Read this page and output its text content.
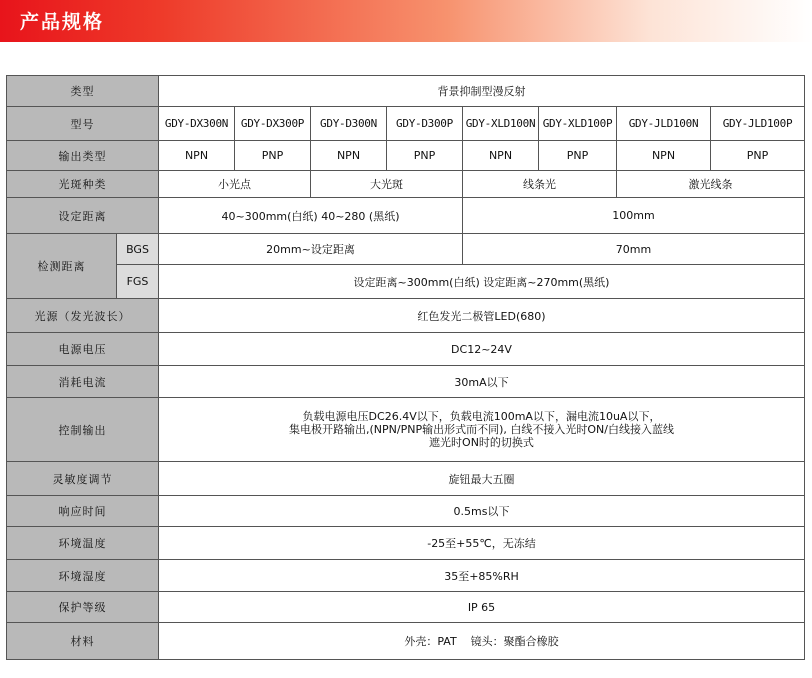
产品规格
类型		背景抑制型漫反射							
型号		GDY-DX300N	GDY-DX300P	GDY-D300N	GDY-D300P	GDY-XLD100N	GDY-XLD100P	GDY-JLD100N	GDY-JLD100P
输出类型		NPN	PNP	NPN	PNP	NPN	PNP	NPN	PNP
光斑种类		小光点		大光斑		线条光		激光线条	
设定距离		40~300mm(白纸) 40~280 (黑纸)				100mm			
检测距离	BGS	20mm~设定距离				70mm			
	FGS	设定距离~300mm(白纸) 设定距离~270mm(黑纸)							
光源（发光波长）		红色发光二极管LED(680)							
电源电压		DC12~24V							
消耗电流		30mA以下							
控制输出		负载电源电压DC26.4V以下，负载电流100mA以下，漏电流10uA以下，
集电极开路输出,(NPN/PNP输出形式而不同), 白线不接入光时ON/白线接入蓝线
遮光时ON时的切换式							

灵敏度调节		旋钮最大五圈							
响应时间		0.5ms以下							
环境温度		-25至+55℃，无冻结							
环境湿度		35至+85%RH							
保护等级		IP 65							
材料		外壳：PAT    镜头：聚酯合橡胶							
